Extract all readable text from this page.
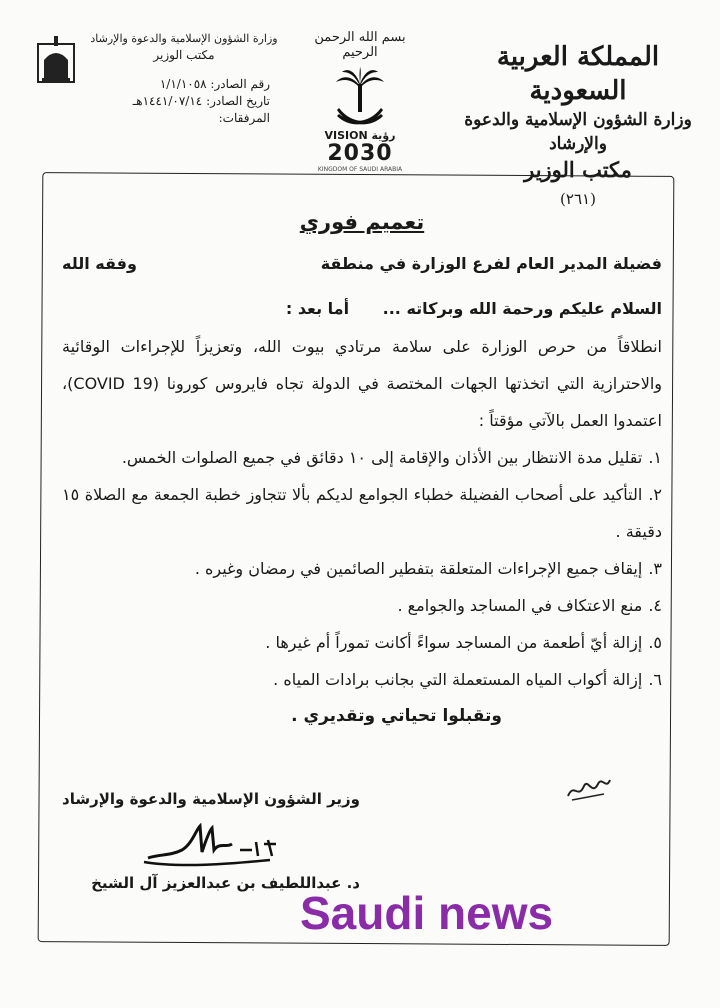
المملكة العربية السعودية
وزارة الشؤون الإسلامية والدعوة والإرشاد
مكتب الوزير
(٢٦١)
بسم الله الرحمن الرحيم
VISION رؤية
2030
KINGDOM OF SAUDI ARABIA
وزارة الشؤون الإسلامية والدعوة والإرشاد
مكتب الوزير
رقم الصادر: ١/١/١٠٥٨
تاريخ الصادر: ١٤٤١/٠٧/١٤هـ
المرفقات:
تعميم فوري
فضيلة المدير العام لفرع الوزارة في منطقة
وفقه الله
السلام عليكم ورحمة الله وبركاته ... أما بعد :
انطلاقاً من حرص الوزارة على سلامة مرتادي بيوت الله، وتعزيزاً للإجراءات الوقائية والاحترازية التي اتخذتها الجهات المختصة في الدولة تجاه فايروس كورونا (COVID 19)، اعتمدوا العمل بالآتي مؤقتاً :
١.تقليل مدة الانتظار بين الأذان والإقامة إلى ١٠ دقائق في جميع الصلوات الخمس.
٢.التأكيد على أصحاب الفضيلة خطباء الجوامع لديكم بألا تتجاوز خطبة الجمعة مع الصلاة ١٥ دقيقة .
٣.إيقاف جميع الإجراءات المتعلقة بتفطير الصائمين في رمضان وغيره .
٤.منع الاعتكاف في المساجد والجوامع .
٥.إزالة أيّ أطعمة من المساجد سواءً أكانت تموراً أم غيرها .
٦.إزالة أكواب المياه المستعملة التي بجانب برادات المياه .
وتقبلوا تحياتي وتقديري .
وزير الشؤون الإسلامية والدعوة والإرشاد
د. عبداللطيف بن عبدالعزيز آل الشيخ
Saudi news
